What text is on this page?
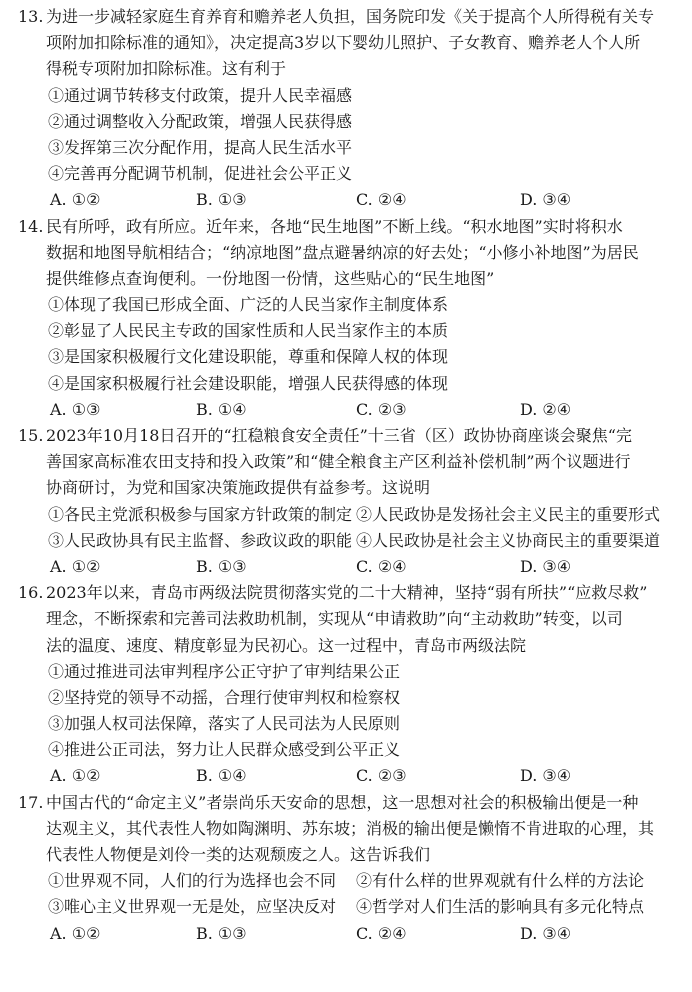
13. 为进一步减轻家庭生育养育和赡养老人负担，国务院印发《关于提高个人所得税有关专
项附加扣除标准的通知》，决定提高3岁以下婴幼儿照护、子女教育、赡养老人个人所
得税专项附加扣除标准。这有利于
①通过调节转移支付政策，提升人民幸福感
②通过调整收入分配政策，增强人民获得感
③发挥第三次分配作用，提高人民生活水平
④完善再分配调节机制，促进社会公平正义
A. ①②	B. ①③	C. ②④	D. ③④
14. 民有所呼，政有所应。近年来，各地“民生地图”不断上线。“积水地图”实时将积水
数据和地图导航相结合；“纳凉地图”盘点避暑纳凉的好去处；“小修小补地图”为居民
提供维修点查询便利。一份地图一份情，这些贴心的“民生地图”
①体现了我国已形成全面、广泛的人民当家作主制度体系
②彰显了人民民主专政的国家性质和人民当家作主的本质
③是国家积极履行文化建设职能，尊重和保障人权的体现
④是国家积极履行社会建设职能，增强人民获得感的体现
A. ①③	B. ①④	C. ②③	D. ②④
15. 2023年10月18日召开的“扛稳粮食安全责任”十三省（区）政协协商座谈会聚焦“完
善国家高标准农田支持和投入政策”和“健全粮食主产区利益补偿机制”两个议题进行
协商研讨，为党和国家决策施政提供有益参考。这说明
①各民主党派积极参与国家方针政策的制定 ②人民政协是发扬社会主义民主的重要形式
③人民政协具有民主监督、参政议政的职能 ④人民政协是社会主义协商民主的重要渠道
A. ①②	B. ①③	C. ②④	D. ③④
16. 2023年以来，青岛市两级法院贯彻落实党的二十大精神，坚持“弱有所扶”“应救尽救”
理念，不断探索和完善司法救助机制，实现从“申请救助”向“主动救助”转变，以司
法的温度、速度、精度彰显为民初心。这一过程中，青岛市两级法院
①通过推进司法审判程序公正守护了审判结果公正
②坚持党的领导不动摇，合理行使审判权和检察权
③加强人权司法保障，落实了人民司法为人民原则
④推进公正司法，努力让人民群众感受到公平正义
A. ①②	B. ①④	C. ②③	D. ③④
17. 中国古代的“命定主义”者崇尚乐天安命的思想，这一思想对社会的积极输出便是一种
达观主义，其代表性人物如陶渊明、苏东坡；消极的输出便是懒惰不肯进取的心理，其
代表性人物便是刘伶一类的达观颓废之人。这告诉我们
①世界观不同，人们的行为选择也会不同 ②有什么样的世界观就有什么样的方法论
③唯心主义世界观一无是处，应坚决反对 ④哲学对人们生活的影响具有多元化特点
A. ①②	B. ①③	C. ②④	D. ③④
